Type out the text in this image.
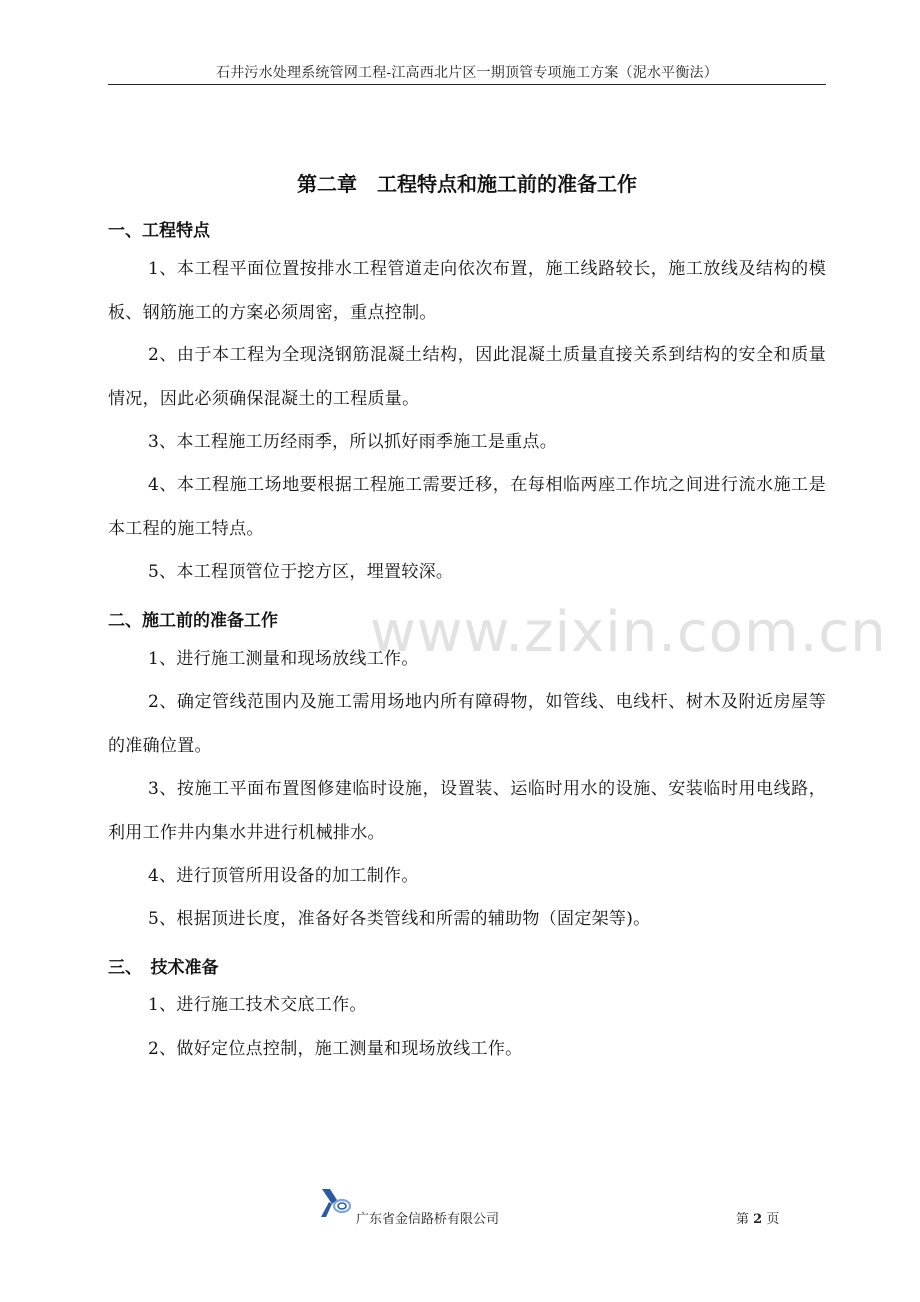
石井污水处理系统管网工程-江高西北片区一期顶管专项施工方案（泥水平衡法）
www.zixin.com.cn
第二章　工程特点和施工前的准备工作
一、工程特点
1、本工程平面位置按排水工程管道走向依次布置，施工线路较长，施工放线及结构的模板、钢筋施工的方案必须周密，重点控制。
2、由于本工程为全现浇钢筋混凝土结构，因此混凝土质量直接关系到结构的安全和质量情况，因此必须确保混凝土的工程质量。
3、本工程施工历经雨季，所以抓好雨季施工是重点。
4、本工程施工场地要根据工程施工需要迁移，在每相临两座工作坑之间进行流水施工是本工程的施工特点。
5、本工程顶管位于挖方区，埋置较深。
二、施工前的准备工作
1、进行施工测量和现场放线工作。
2、确定管线范围内及施工需用场地内所有障碍物，如管线、电线杆、树木及附近房屋等的准确位置。
3、按施工平面布置图修建临时设施，设置装、运临时用水的设施、安装临时用电线路，利用工作井内集水井进行机械排水。
4、进行顶管所用设备的加工制作。
5、根据顶进长度，准备好各类管线和所需的辅助物（固定架等)。
三、　技术准备
1、进行施工技术交底工作。
2、做好定位点控制，施工测量和现场放线工作。
广东省金信路桥有限公司	第 2 页
